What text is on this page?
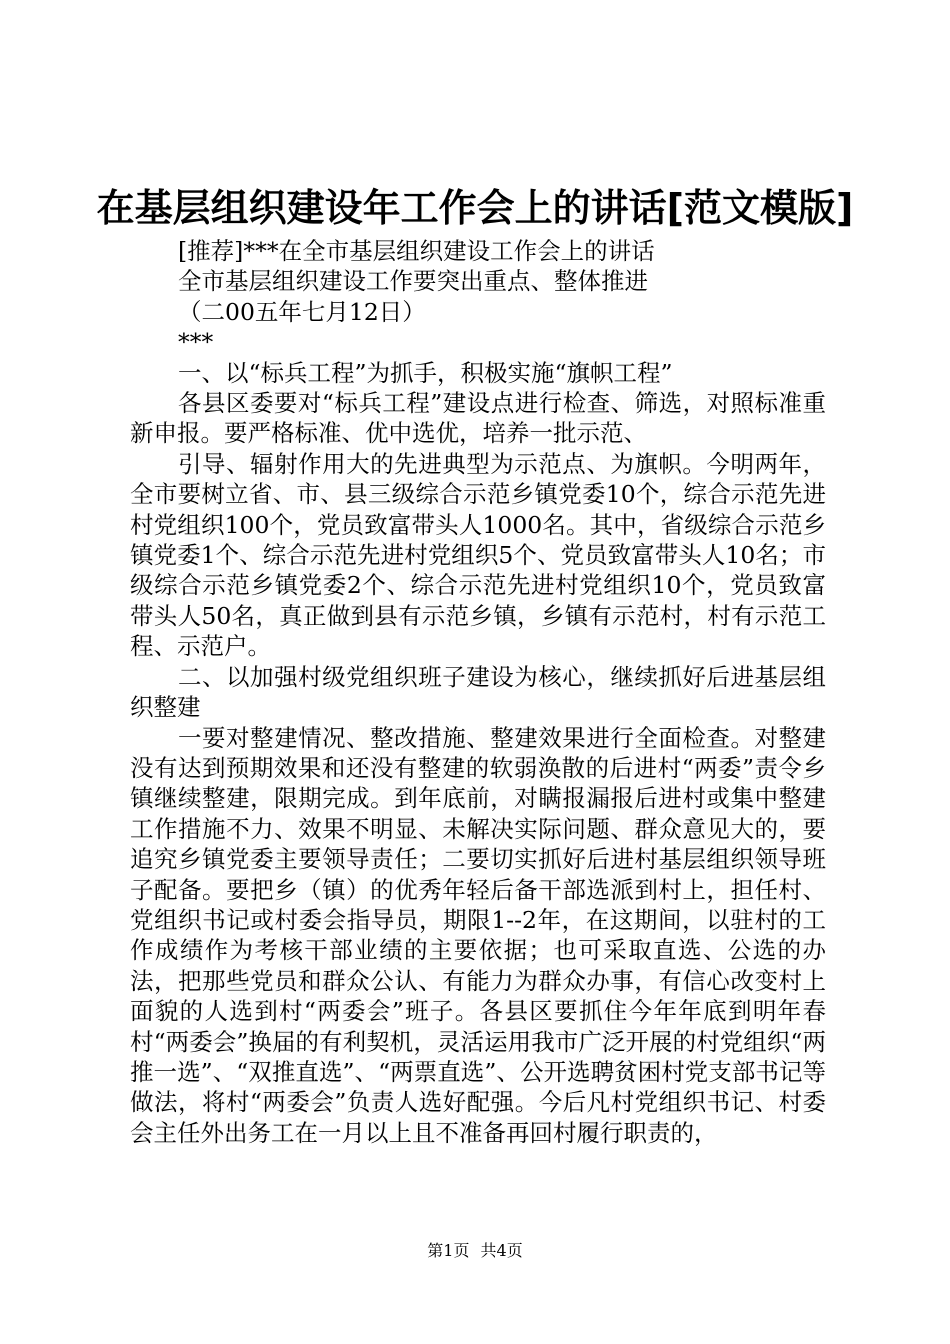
在基层组织建设年工作会上的讲话[范文模版]

[推荐]***在全市基层组织建设工作会上的讲话

全市基层组织建设工作要突出重点、整体推进

（二00五年七月12日）

***

一、以“标兵工程”为抓手，积极实施“旗帜工程”

各县区委要对“标兵工程”建设点进行检查、筛选，对照标准重新申报。要严格标准、优中选优，培养一批示范、

引导、辐射作用大的先进典型为示范点、为旗帜。今明两年，全市要树立省、市、县三级综合示范乡镇党委10个，综合示范先进村党组织100个，党员致富带头人1000名。其中，省级综合示范乡镇党委1个、综合示范先进村党组织5个、党员致富带头人10名；市级综合示范乡镇党委2个、综合示范先进村党组织10个，党员致富带头人50名，真正做到县有示范乡镇，乡镇有示范村，村有示范工程、示范户。

二、以加强村级党组织班子建设为核心，继续抓好后进基层组织整建

一要对整建情况、整改措施、整建效果进行全面检查。对整建没有达到预期效果和还没有整建的软弱涣散的后进村“两委”责令乡镇继续整建，限期完成。到年底前，对瞒报漏报后进村或集中整建工作措施不力、效果不明显、未解决实际问题、群众意见大的，要追究乡镇党委主要领导责任；二要切实抓好后进村基层组织领导班子配备。要把乡（镇）的优秀年轻后备干部选派到村上，担任村、党组织书记或村委会指导员，期限1--2年，在这期间，以驻村的工作成绩作为考核干部业绩的主要依据；也可采取直选、公选的办法，把那些党员和群众公认、有能力为群众办事，有信心改变村上面貌的人选到村“两委会”班子。各县区要抓住今年年底到明年春村“两委会”换届的有利契机，灵活运用我市广泛开展的村党组织“两推一选”、“双推直选”、“两票直选”、公开选聘贫困村党支部书记等做法，将村“两委会”负责人选好配强。今后凡村党组织书记、村委会主任外出务工在一月以上且不准备再回村履行职责的，

第1页 共4页
